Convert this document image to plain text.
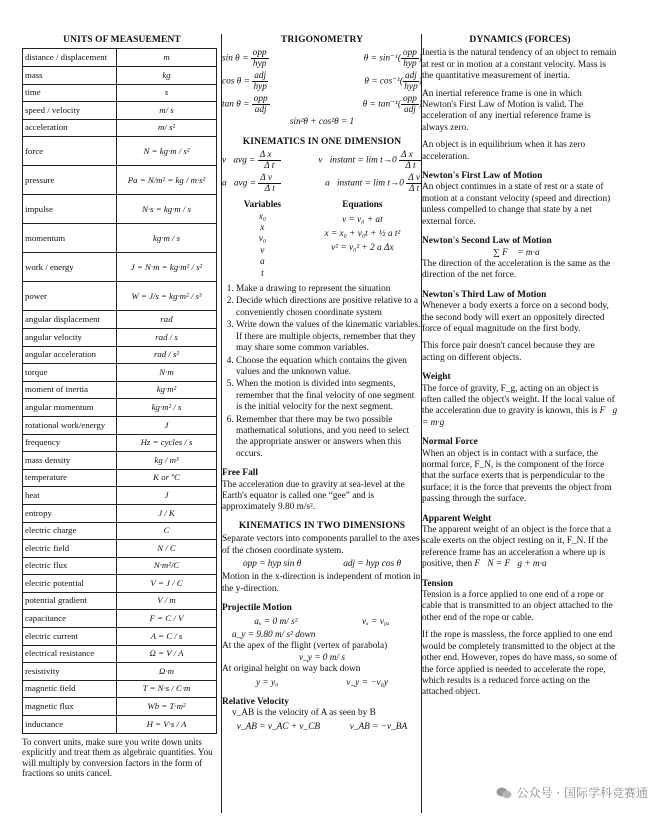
UNITS OF MEASUEMENT
distance / displacement	m
mass	kg
time	s
speed / velocity	m/ s
acceleration	m/ s²
force	N = kg·m / s²
pressure	Pa = N/m² = kg / m·s²
impulse	N·s = kg·m / s
momentum	kg·m / s
work / energy	J = N·m = kg·m² / s²
power	W = J/s = kg·m² / s³
angular displacement	rad
angular velocity	rad / s
angular acceleration	rad / s²
torque	N·m
moment of inertia	kg·m²
angular momentum	kg·m² / s
rotational work/energy	J
frequency	Hz = cycles / s
mass density	kg / m³
temperature	K or ºC
heat	J
entropy	J / K
electric charge	C
electric field	N / C
electric flux	N·m²/C
electric potential	V = J / C
potential gradient	V / m
capacitance	F = C / V
electric current	A = C / s
electrical resistance	Ω = V / A
resistivity	Ω·m
magnetic field	T = N·s / C·m
magnetic flux	Wb = T·m²
inductance	H = V·s / A
To convert units, make sure you write down units explicitly and treat them as algebraic quantities. You will multiply by conversion factors in the form of fractions so units cancel.
TRIGONOMETRY
$\sin \theta = \frac{\text{opp}}{\text{hyp}}$	$\theta = \sin^{-1}( \frac{\text{opp}}{\text{hyp}}$ )
$\cos \theta = \frac{\text{adj}}{\text{hyp}}$	$\theta = \cos^{-1}( \frac{\text{adj}}{\text{hyp}}$ )
$\tan \theta = \frac{\text{opp}}{\text{adj}}$	$\theta = \tan^{-1}( \frac{\text{opp}}{\text{adj}}$ )
sin²θ + cos²θ = 1
KINEMATICS IN ONE DIMENSION
v⃗avg = $\frac{\text{Δ x⃗}}{\text{Δ t}}$	v⃗instant = $\lim t\to 0 \frac{\text{Δ x⃗}}{\text{Δ t}}$
a⃗avg = $\frac{\text{Δ v⃗}}{\text{Δ t}}$	a⃗instant = $\lim t\to 0 \frac{\text{Δ v}}{\text{Δ t}}$
Variables
x₀
x
v₀
v
a
t
Equations
v = v₀ + at
x = x₀ + v₀t + ½ a t²
v² = v₀² + 2 a Δx
1. Make a drawing to represent the situation
2. Decide which directions are positive relative to a conveniently chosen coordinate system
3. Write down the values of the kinematic variables. If there are multiple objects, remember that they may share some common variables.
4. Choose the equation which contains the given values and the unknown value.
5. When the motion is divided into segments, remember that the final velocity of one segment is the initial velocity for the next segment.
6. Remember that there may be two possible mathematical solutions, and you need to select the appropriate answer or answers when this occurs.
Free Fall
The acceleration due to gravity at sea-level at the Earth's equator is called one “gee” and is approximately 9.80 m/s².
KINEMATICS IN TWO DIMENSIONS
Separate vectors into components parallel to the axes of the chosen coordinate system.
opp = hyp sin θ	adj = hyp cos θ
Motion in the x-direction is independent of motion in the y-direction.
Projectile Motion
aₓ = 0 m/ s²	vₓ = v₀ₓ
a_y = 9.80 m/ s² down
At the apex of the flight (vertex of parabola)
v_y = 0 m/ s
At original height on way back down
y = y₀	v_y = −v₀y
Relative Velocity
v_AB is the velocity of A as seen by B
v_AB = v_AC + v_CB	v_AB = −v_BA
DYNAMICS (FORCES)
Inertia is the natural tendency of an object to remain at rest or in motion at a constant velocity. Mass is the quantitative measurement of inertia.
An inertial reference frame is one in which Newton's First Law of Motion is valid. The acceleration of any inertial reference frame is always zero.
An object is in equilibrium when it has zero acceleration.
Newton's First Law of Motion
An object continues in a state of rest or a state of motion at a constant velocity (speed and direction) unless compelled to change that state by a net external force.
Newton's Second Law of Motion
∑ F⃗ = m·a⃗
The direction of the acceleration is the same as the direction of the net force.
Newton's Third Law of Motion
Whenever a body exerts a force on a second body, the second body will exert an oppositely directed force of equal magnitude on the first body.
This force pair doesn't cancel because they are acting on different objects.
Weight
The force of gravity, F_g, acting on an object is often called the object's weight. If the local value of the acceleration due to gravity is known, this is F⃗g = m·g⃗
Normal Force
When an object is in contact with a surface, the normal force, F_N, is the component of the force that the surface exerts that is perpendicular to the surface; it is the force that prevents the object from passing through the surface.
Apparent Weight
The apparent weight of an object is the force that a scale exerts on the object resting on it, F_N. If the reference frame has an acceleration a where up is positive, then F⃗N = F⃗g + m·a⃗
Tension
Tension is a force applied to one end of a rope or cable that is transmitted to an object attached to the other end of the rope or cable.
If the rope is massless, the force applied to one end would be completely transmitted to the object at the other end. However, ropes do have mass, so some of the force applied is needed to accelerate the rope, which results is a reduced force acting on the attached object.
公众号 · 国际学科竞赛通
